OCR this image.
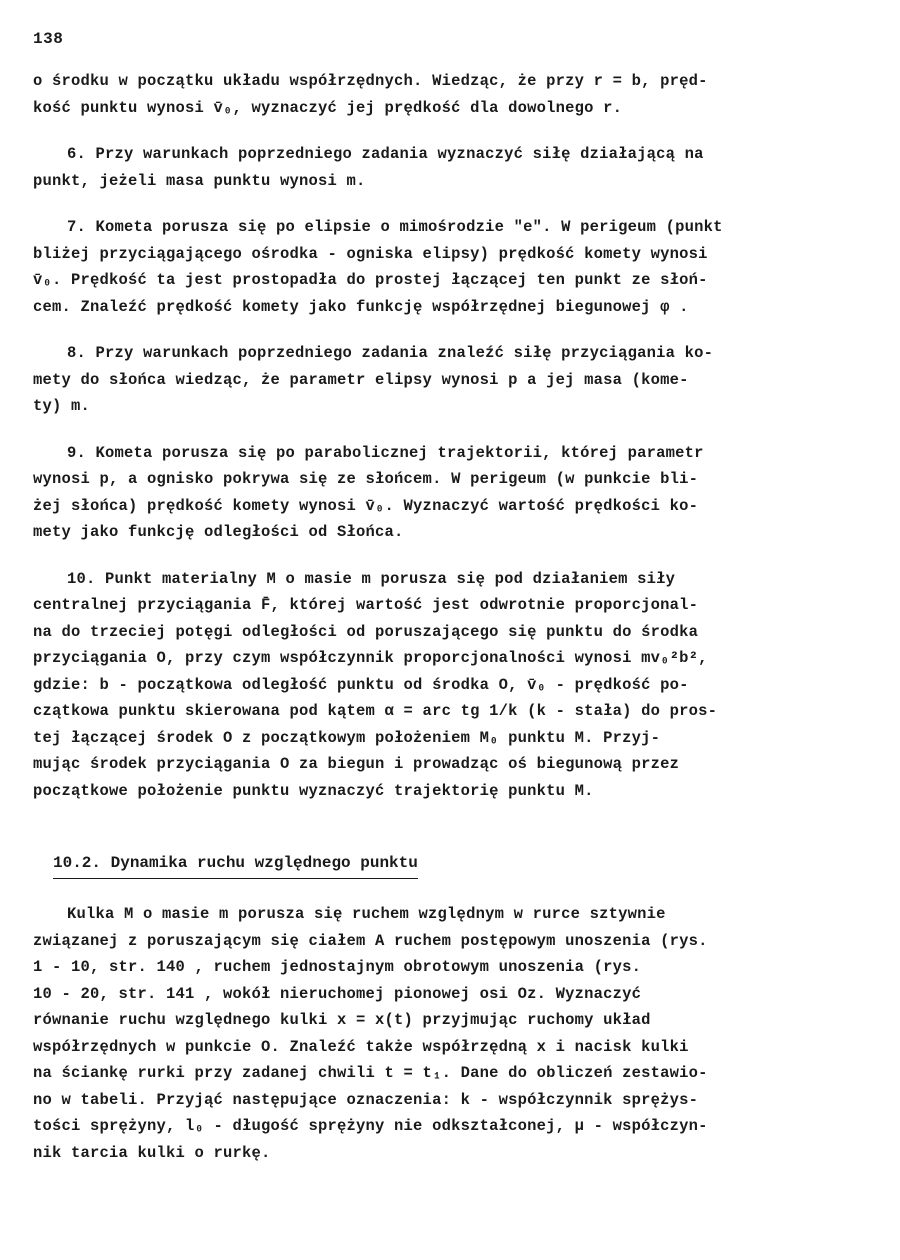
138

o środku w początku układu współrzędnych. Wiedząc, że przy r = b, pręd-
kość punktu wynosi v̄₀, wyznaczyć jej prędkość dla dowolnego r.

6. Przy warunkach poprzedniego zadania wyznaczyć siłę działającą na
punkt, jeżeli masa punktu wynosi m.

7. Kometa porusza się po elipsie o mimośrodzie "e". W perigeum (punkt
bliżej przyciągającego ośrodka - ogniska elipsy) prędkość komety wynosi
v̄₀. Prędkość ta jest prostopadła do prostej łączącej ten punkt ze słoń-
cem. Znaleźć prędkość komety jako funkcję współrzędnej biegunowej φ .

8. Przy warunkach poprzedniego zadania znaleźć siłę przyciągania ko-
mety do słońca wiedząc, że parametr elipsy wynosi p a jej masa (kome-
ty) m.

9. Kometa porusza się po parabolicznej trajektorii, której parametr
wynosi p, a ognisko pokrywa się ze słońcem. W perigeum (w punkcie bli-
żej słońca) prędkość komety wynosi v̄₀. Wyznaczyć wartość prędkości ko-
mety jako funkcję odległości od Słońca.

10. Punkt materialny M o masie m porusza się pod działaniem siły
centralnej przyciągania F̄, której wartość jest odwrotnie proporcjonal-
na do trzeciej potęgi odległości od poruszającego się punktu do środka
przyciągania O, przy czym współczynnik proporcjonalności wynosi mv₀²b²,
gdzie: b - początkowa odległość punktu od środka O, v̄₀ - prędkość po-
czątkowa punktu skierowana pod kątem α = arc tg 1/k (k - stała) do pros-
tej łączącej środek O z początkowym położeniem M₀ punktu M. Przyj-
mując środek przyciągania O za biegun i prowadząc oś biegunową przez
początkowe położenie punktu wyznaczyć trajektorię punktu M.

10.2. Dynamika ruchu względnego punktu

Kulka M o masie m porusza się ruchem względnym w rurce sztywnie
związanej z poruszającym się ciałem A ruchem postępowym unoszenia (rys.
1 - 10, str. 140 , ruchem jednostajnym obrotowym unoszenia (rys.
10 - 20, str. 141 , wokół nieruchomej pionowej osi Oz. Wyznaczyć
równanie ruchu względnego kulki x = x(t) przyjmując ruchomy układ
współrzędnych w punkcie O. Znaleźć także współrzędną x i nacisk kulki
na ściankę rurki przy zadanej chwili t = t₁. Dane do obliczeń zestawio-
no w tabeli. Przyjąć następujące oznaczenia: k - współczynnik sprężys-
tości sprężyny, l₀ - długość sprężyny nie odkształconej, μ - współczyn-
nik tarcia kulki o rurkę.
